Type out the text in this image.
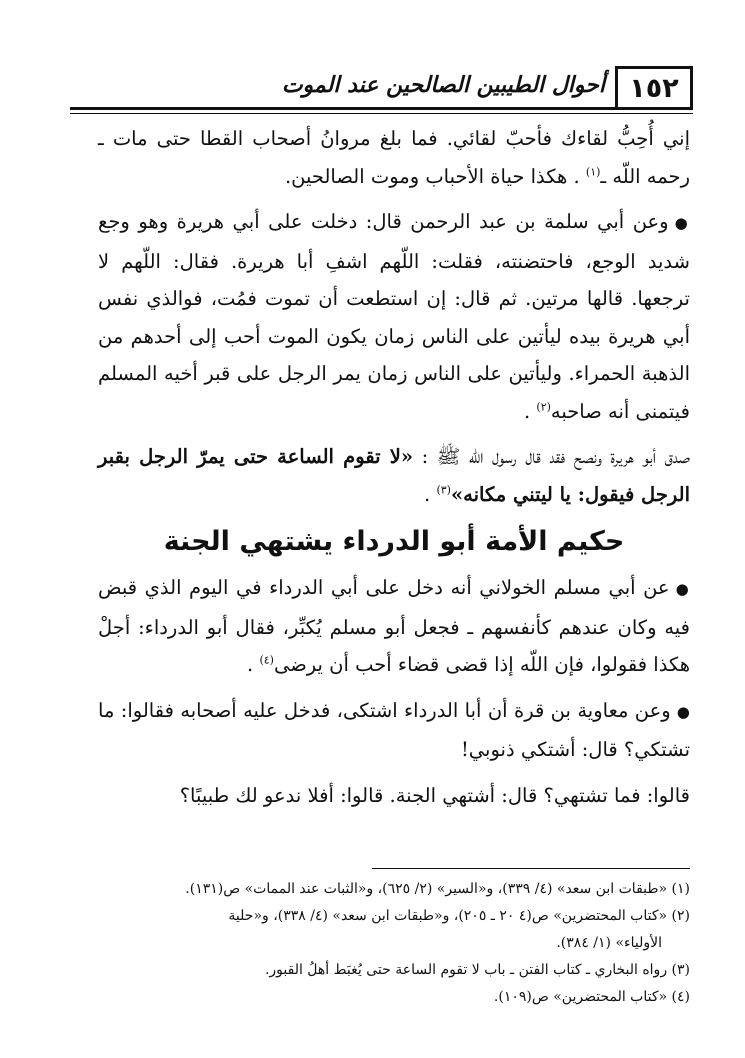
١٥٢
أحوال الطيبين الصالحين عند الموت

إني أُحِبُّ لقاءك فأحبّ لقائي. فما بلغ مروانُ أصحاب القطا حتى مات ـ رحمه اللّه ـ$^{(١)}$ . هكذا حياة الأحباب وموت الصالحين.

●وعن أبي سلمة بن عبد الرحمن قال: دخلت على أبي هريرة وهو وجع شديد الوجع، فاحتضنته، فقلت: اللّهم اشفِ أبا هريرة. فقال: اللّهم لا ترجعها. قالها مرتين. ثم قال: إن استطعت أن تموت فمُت، فوالذي نفس أبي هريرة بيده ليأتين على الناس زمان يكون الموت أحب إلى أحدهم من الذهبة الحمراء. وليأتين على الناس زمان يمر الرجل على قبر أخيه المسلم فيتمنى أنه صاحبه$^{(٢)}$ .

صدق أبو هريرة ونصح فقد قال رسول اللّه ﷺ : «لا تقوم الساعة حتى يمرّ الرجل بقبر الرجل فيقول: يا ليتني مكانه»$^{(٣)}$ .

حكيم الأمة أبو الدرداء يشتهي الجنة

●عن أبي مسلم الخولاني أنه دخل على أبي الدرداء في اليوم الذي قبض فيه وكان عندهم كأنفسهم ـ فجعل أبو مسلم يُكبِّر، فقال أبو الدرداء: أجلْ هكذا فقولوا، فإن اللّه إذا قضى قضاء أحب أن يرضى$^{(٤)}$ .

●وعن معاوية بن قرة أن أبا الدرداء اشتكى، فدخل عليه أصحابه فقالوا: ما تشتكي؟ قال: أشتكي ذنوبي!

قالوا: فما تشتهي؟ قال: أشتهي الجنة. قالوا: أفلا ندعو لك طبيبًا؟

(١) «طبقات ابن سعد» (٤/ ٣٣٩)، و«السير» (٢/ ٦٢٥)، و«الثبات عند الممات» ص(١٣١).

(٢) «كتاب المحتضرين» ص(٤ ٢٠ ـ ٢٠٥)، و«طبقات ابن سعد» (٤/ ٣٣٨)، و«حلية

الأولياء» (١/ ٣٨٤).

(٣) رواه البخاري ـ كتاب الفتن ـ باب لا تقوم الساعة حتى يُغبَط أهلُ القبور.

(٤) «كتاب المحتضرين» ص(١٠٩).
